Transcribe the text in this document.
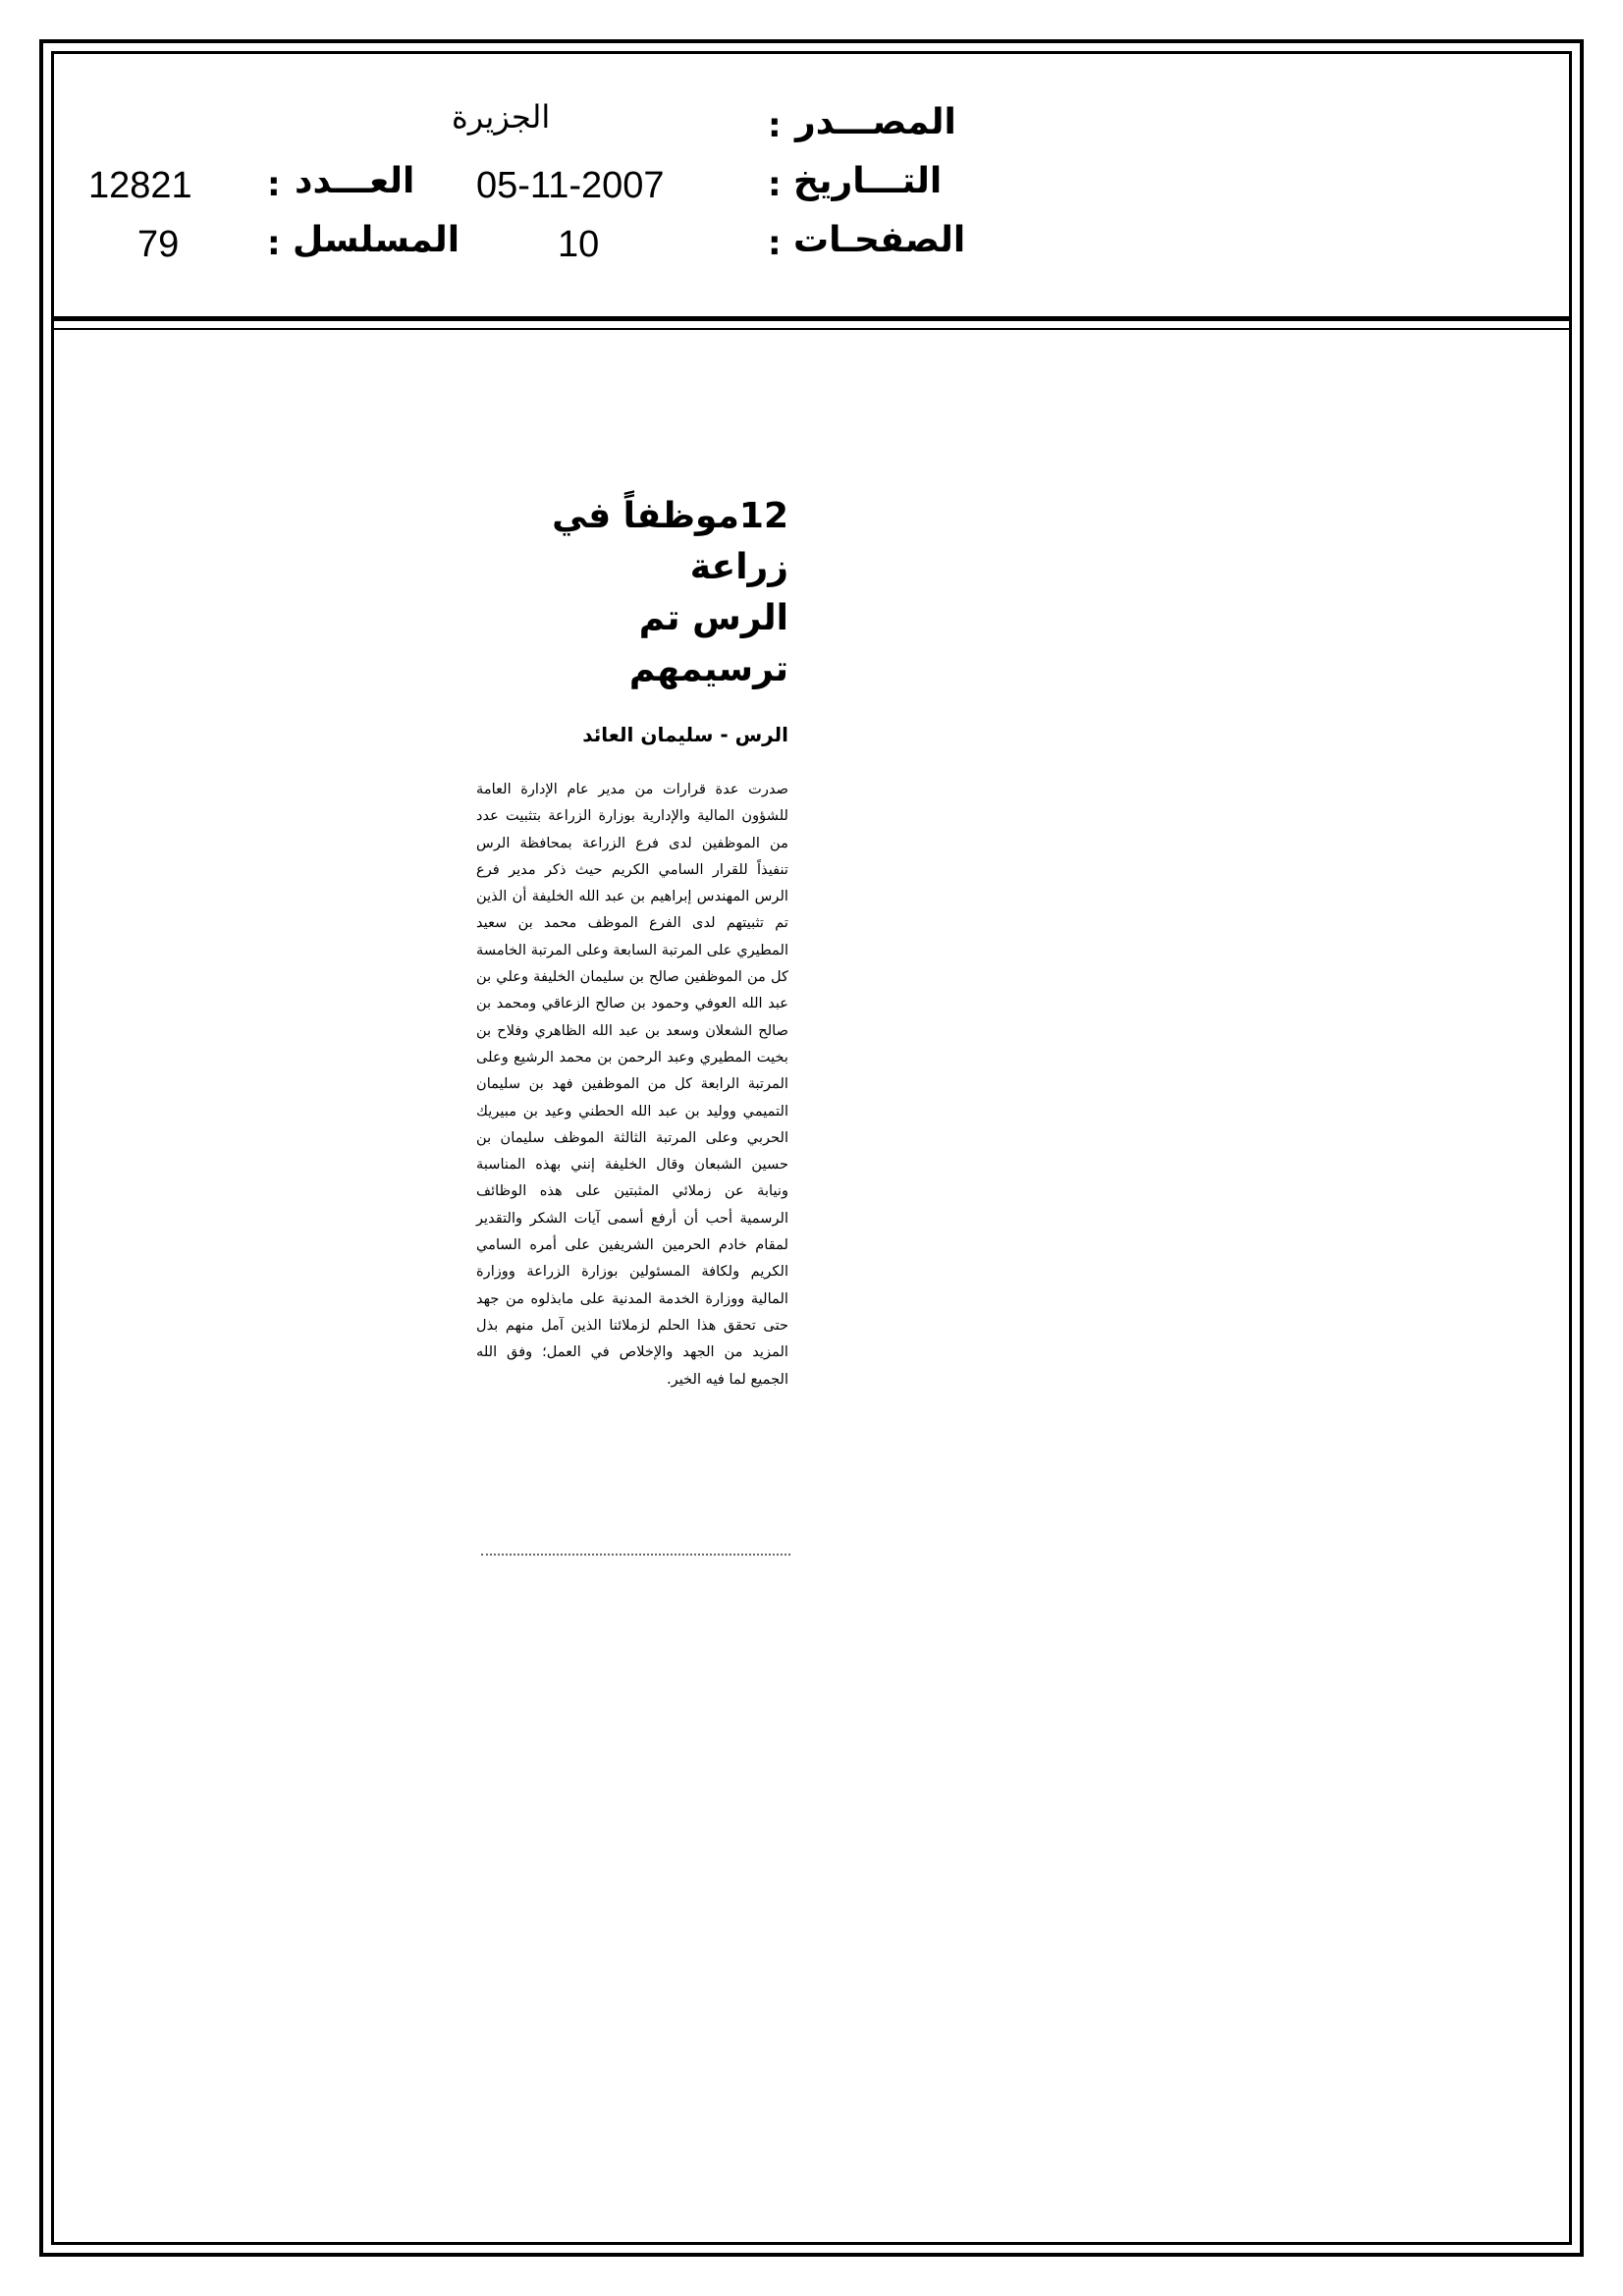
المصـــدر
:
التـــاريخ
:
الصفحـات
:
الجزيرة
05-11-2007
10
العـــدد
:
المسلسل
:
12821
79
12موظفاً في زراعة
الرس تم ترسيمهم
الرس - سليمان العائد
صدرت عدة قرارات من مدير عام الإدارة العامة للشؤون المالية والإدارية بوزارة الزراعة بتثبيت عدد من الموظفين لدى فرع الزراعة بمحافظة الرس تنفيذاً للقرار السامي الكريم حيث ذكر مدير فرع الرس المهندس إبراهيم بن عبد الله الخليفة أن الذين تم تثبيتهم لدى الفرع الموظف محمد بن سعيد المطيري على المرتبة السابعة وعلى المرتبة الخامسة كل من الموظفين صالح بن سليمان الخليفة وعلي بن عبد الله العوفي وحمود بن صالح الزعاقي ومحمد بن صالح الشعلان وسعد بن عبد الله الظاهري وفلاح بن بخيت المطيري وعبد الرحمن بن محمد الرشيع وعلى المرتبة الرابعة كل من الموظفين فهد بن سليمان التميمي ووليد بن عبد الله الحطني وعيد بن مبيريك الحربي وعلى المرتبة الثالثة الموظف سليمان بن حسين الشبعان وقال الخليفة إنني بهذه المناسبة ونيابة عن زملائي المثبتين على هذه الوظائف الرسمية أحب أن أرفع أسمى آيات الشكر والتقدير لمقام خادم الحرمين الشريفين على أمره السامي الكريم ولكافة المسئولين بوزارة الزراعة ووزارة المالية ووزارة الخدمة المدنية على مابذلوه من جهد حتى تحقق هذا الحلم لزملائنا الذين آمل منهم بذل المزيد من الجهد والإخلاص في العمل؛ وفق الله الجميع لما فيه الخير.
